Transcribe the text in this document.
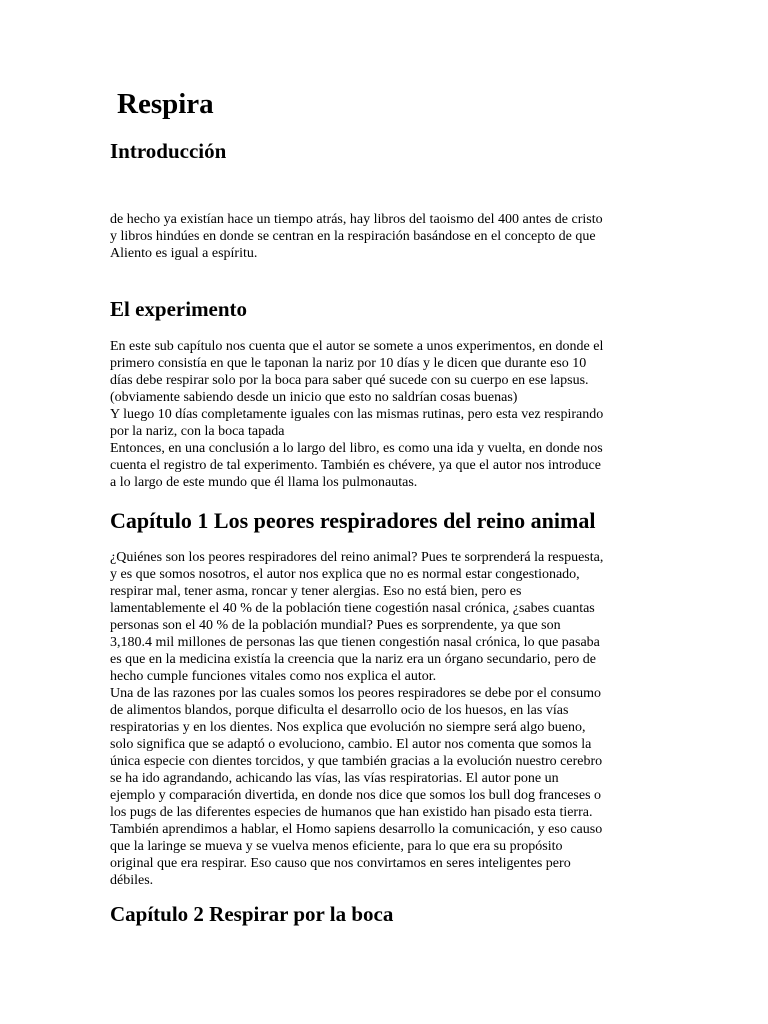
Respira
Introducción

de hecho ya existían hace un tiempo atrás, hay libros del taoismo del 400 antes de cristo
y libros hindúes en donde se centran en la respiración basándose en el concepto de que
Aliento es igual a espíritu.

El experimento

En este sub capítulo nos cuenta que el autor se somete a unos experimentos, en donde el
primero consistía en que le taponan la nariz por 10 días y le dicen que durante eso 10
días debe respirar solo por la boca para saber qué sucede con su cuerpo en ese lapsus.
(obviamente sabiendo desde un inicio que esto no saldrían cosas buenas)
Y luego 10 días completamente iguales con las mismas rutinas, pero esta vez respirando
por la nariz, con la boca tapada
Entonces, en una conclusión a lo largo del libro, es como una ida y vuelta, en donde nos
cuenta el registro de tal experimento. También es chévere, ya que el autor nos introduce
a lo largo de este mundo que él llama los pulmonautas.

Capítulo 1 Los peores respiradores del reino animal

¿Quiénes son los peores respiradores del reino animal? Pues te sorprenderá la respuesta,
y es que somos nosotros, el autor nos explica que no es normal estar congestionado,
respirar mal, tener asma, roncar y tener alergias. Eso no está bien, pero es
lamentablemente el 40 % de la población tiene cogestión nasal crónica, ¿sabes cuantas
personas son el 40 % de la población mundial? Pues es sorprendente, ya que son
3,180.4 mil millones de personas las que tienen congestión nasal crónica, lo que pasaba
es que en la medicina existía la creencia que la nariz era un órgano secundario, pero de
hecho cumple funciones vitales como nos explica el autor.
Una de las razones por las cuales somos los peores respiradores se debe por el consumo
de alimentos blandos, porque dificulta el desarrollo ocio de los huesos, en las vías
respiratorias y en los dientes. Nos explica que evolución no siempre será algo bueno,
solo significa que se adaptó o evoluciono, cambio. El autor nos comenta que somos la
única especie con dientes torcidos, y que también gracias a la evolución nuestro cerebro
se ha ido agrandando, achicando las vías, las vías respiratorias. El autor pone un
ejemplo y comparación divertida, en donde nos dice que somos los bull dog franceses o
los pugs de las diferentes especies de humanos que han existido han pisado esta tierra.
También aprendimos a hablar, el Homo sapiens desarrollo la comunicación, y eso causo
que la laringe se mueva y se vuelva menos eficiente, para lo que era su propósito
original que era respirar. Eso causo que nos convirtamos en seres inteligentes pero
débiles.

Capítulo 2 Respirar por la boca
